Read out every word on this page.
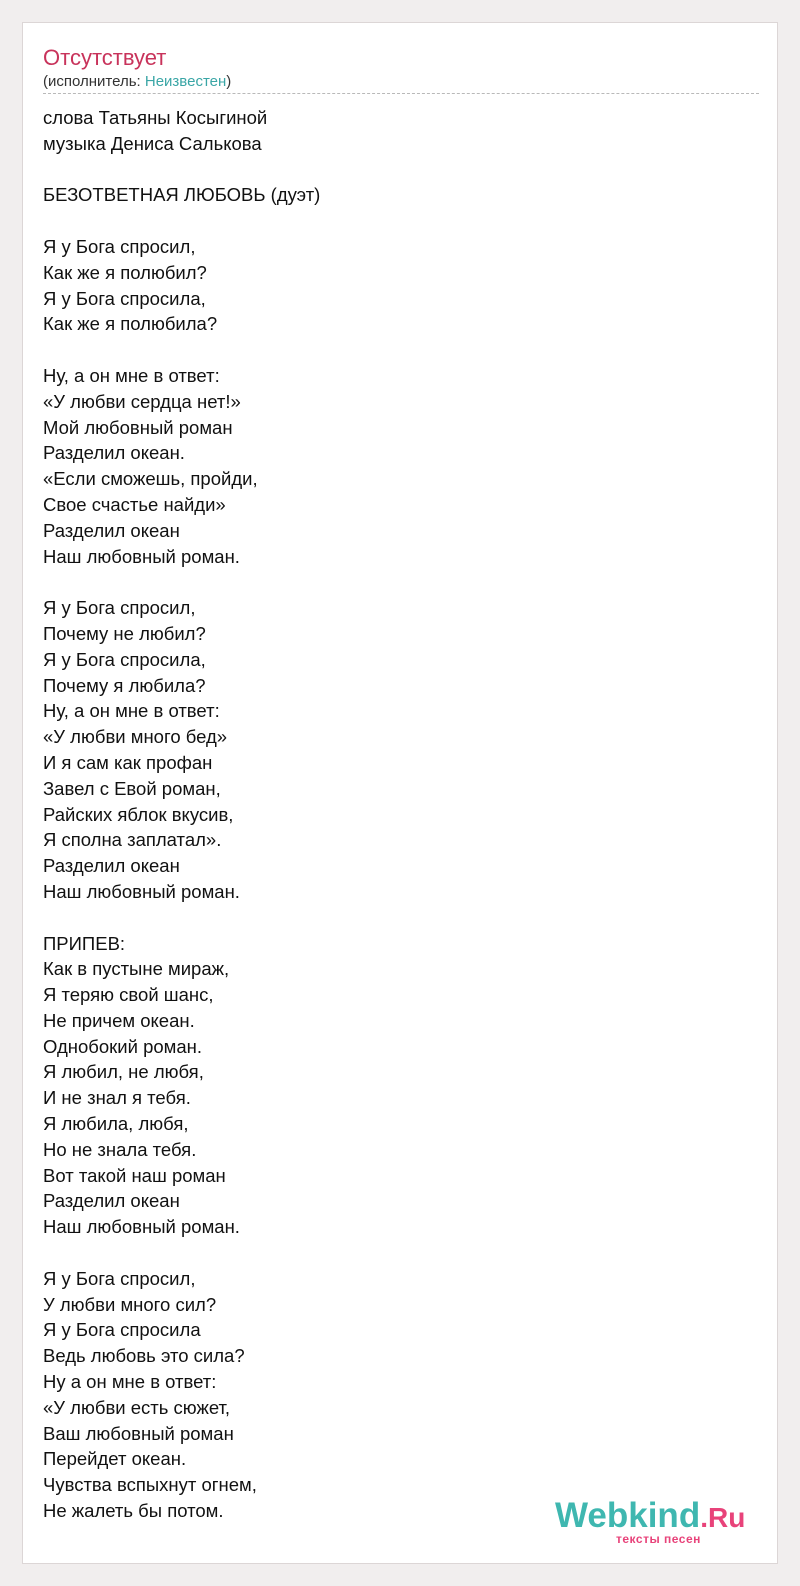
Отсутствует
(исполнитель: Неизвестен)
слова Татьяны Косыгиной
музыка Дениса Салькова
БЕЗОТВЕТНАЯ ЛЮБОВЬ (дуэт)
Я у Бога спросил,
Как же я полюбил?
Я у Бога спросила,
Как же я полюбила?
Ну, а он мне в ответ:
«У любви сердца нет!»
Мой любовный роман
Разделил океан.
«Если сможешь, пройди,
Свое счастье найди»
Разделил океан
Наш любовный роман.
Я у Бога спросил,
Почему не любил?
Я у Бога спросила,
Почему я любила?
Ну, а он мне в ответ:
«У любви много бед»
И я сам как профан
Завел с Евой роман,
Райских яблок вкусив,
Я сполна заплатал».
Разделил океан
Наш любовный роман.
ПРИПЕВ:
Как в пустыне мираж,
Я теряю свой шанс,
Не причем океан.
Однобокий роман.
Я любил, не любя,
И не знал я тебя.
Я любила, любя,
Но не знала тебя.
Вот такой наш роман
Разделил океан
Наш любовный роман.
Я у Бога спросил,
У любви много сил?
Я у Бога спросила
Ведь любовь это сила?
Ну а он мне в ответ:
«У любви есть сюжет,
Ваш любовный роман
Перейдет океан.
Чувства вспыхнут огнем,
Не жалеть бы потом.	Webkind.Ru
тексты песен
